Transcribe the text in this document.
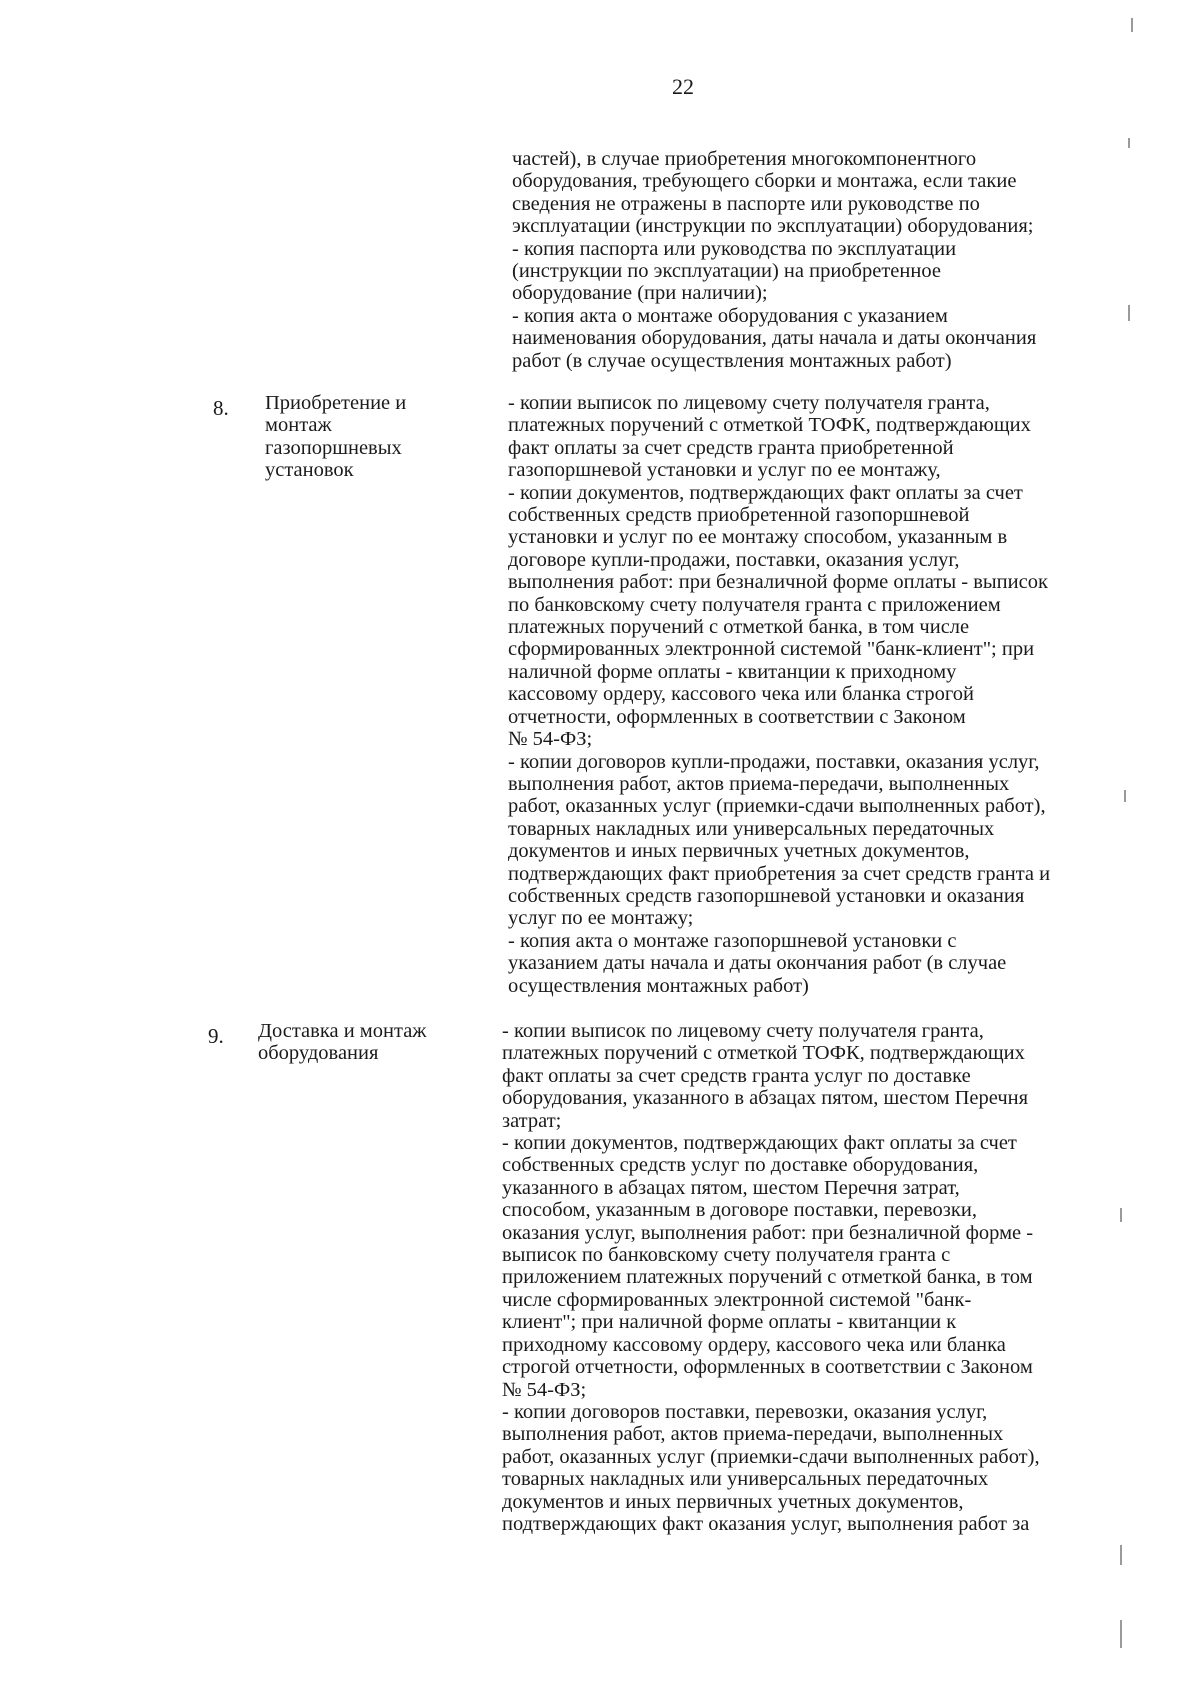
22
частей), в случае приобретения многокомпонентного
оборудования, требующего сборки и монтажа, если такие
сведения не отражены в паспорте или руководстве по
эксплуатации (инструкции по эксплуатации) оборудования;
- копия паспорта или руководства по эксплуатации
(инструкции по эксплуатации) на приобретенное
оборудование (при наличии);
- копия акта о монтаже оборудования с указанием
наименования оборудования, даты начала и даты окончания
работ (в случае осуществления монтажных работ)
8. Приобретение и
монтаж
газопоршневых
установок
- копии выписок по лицевому счету получателя гранта,
платежных поручений с отметкой ТОФК, подтверждающих
факт оплаты за счет средств гранта приобретенной
газопоршневой установки и услуг по ее монтажу,
- копии документов, подтверждающих факт оплаты за счет
собственных средств приобретенной газопоршневой
установки и услуг по ее монтажу способом, указанным в
договоре купли-продажи, поставки, оказания услуг,
выполнения работ: при безналичной форме оплаты - выписок
по банковскому счету получателя гранта с приложением
платежных поручений с отметкой банка, в том числе
сформированных электронной системой "банк-клиент"; при
наличной форме оплаты - квитанции к приходному
кассовому ордеру, кассового чека или бланка строгой
отчетности, оформленных в соответствии с Законом
№ 54-ФЗ;
- копии договоров купли-продажи, поставки, оказания услуг,
выполнения работ, актов приема-передачи, выполненных
работ, оказанных услуг (приемки-сдачи выполненных работ),
товарных накладных или универсальных передаточных
документов и иных первичных учетных документов,
подтверждающих факт приобретения за счет средств гранта и
собственных средств газопоршневой установки и оказания
услуг по ее монтажу;
- копия акта о монтаже газопоршневой установки с
указанием даты начала и даты окончания работ (в случае
осуществления монтажных работ)
9. Доставка и монтаж
оборудования
- копии выписок по лицевому счету получателя гранта,
платежных поручений с отметкой ТОФК, подтверждающих
факт оплаты за счет средств гранта услуг по доставке
оборудования, указанного в абзацах пятом, шестом Перечня
затрат;
- копии документов, подтверждающих факт оплаты за счет
собственных средств услуг по доставке оборудования,
указанного в абзацах пятом, шестом Перечня затрат,
способом, указанным в договоре поставки, перевозки,
оказания услуг, выполнения работ: при безналичной форме -
выписок по банковскому счету получателя гранта с
приложением платежных поручений с отметкой банка, в том
числе сформированных электронной системой "банк-
клиент"; при наличной форме оплаты - квитанции к
приходному кассовому ордеру, кассового чека или бланка
строгой отчетности, оформленных в соответствии с Законом
№ 54-ФЗ;
- копии договоров поставки, перевозки, оказания услуг,
выполнения работ, актов приема-передачи, выполненных
работ, оказанных услуг (приемки-сдачи выполненных работ),
товарных накладных или универсальных передаточных
документов и иных первичных учетных документов,
подтверждающих факт оказания услуг, выполнения работ за
